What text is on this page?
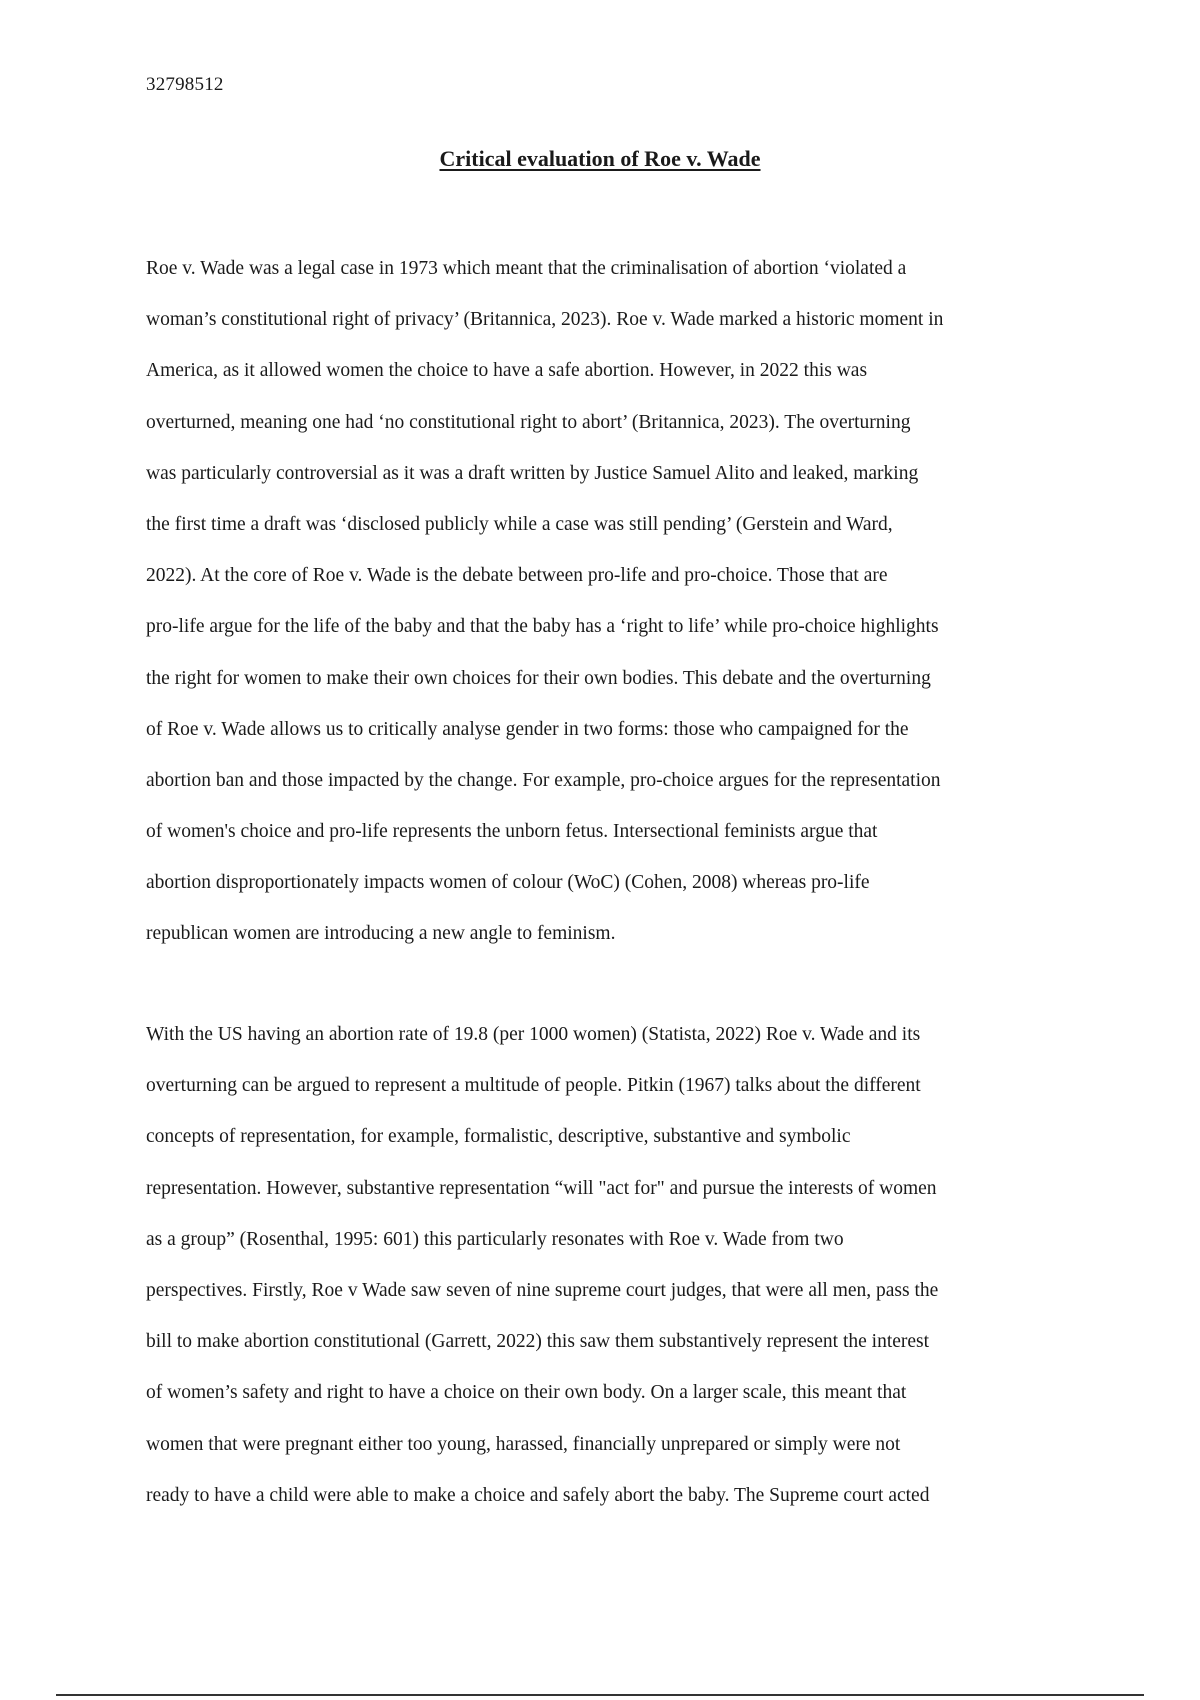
32798512
Critical evaluation of Roe v. Wade
Roe v. Wade was a legal case in 1973 which meant that the criminalisation of abortion ‘violated a
woman’s constitutional right of privacy’ (Britannica, 2023). Roe v. Wade marked a historic moment in
America, as it allowed women the choice to have a safe abortion. However, in 2022 this was
overturned, meaning one had ‘no constitutional right to abort’ (Britannica, 2023). The overturning
was particularly controversial as it was a draft written by Justice Samuel Alito and leaked, marking
the first time a draft was ‘disclosed publicly while a case was still pending’ (Gerstein and Ward,
2022). At the core of Roe v. Wade is the debate between pro-life and pro-choice. Those that are
pro-life argue for the life of the baby and that the baby has a ‘right to life’ while pro-choice highlights
the right for women to make their own choices for their own bodies. This debate and the overturning
of Roe v. Wade allows us to critically analyse gender in two forms: those who campaigned for the
abortion ban and those impacted by the change. For example, pro-choice argues for the representation
of women's choice and pro-life represents the unborn fetus. Intersectional feminists argue that
abortion disproportionately impacts women of colour (WoC) (Cohen, 2008) whereas pro-life
republican women are introducing a new angle to feminism.
With the US having an abortion rate of 19.8 (per 1000 women) (Statista, 2022) Roe v. Wade and its
overturning can be argued to represent a multitude of people. Pitkin (1967) talks about the different
concepts of representation, for example, formalistic, descriptive, substantive and symbolic
representation. However, substantive representation “will "act for" and pursue the interests of women
as a group” (Rosenthal, 1995: 601) this particularly resonates with Roe v. Wade from two
perspectives. Firstly, Roe v Wade saw seven of nine supreme court judges, that were all men, pass the
bill to make abortion constitutional (Garrett, 2022) this saw them substantively represent the interest
of women’s safety and right to have a choice on their own body. On a larger scale, this meant that
women that were pregnant either too young, harassed, financially unprepared or simply were not
ready to have a child were able to make a choice and safely abort the baby. The Supreme court acted
